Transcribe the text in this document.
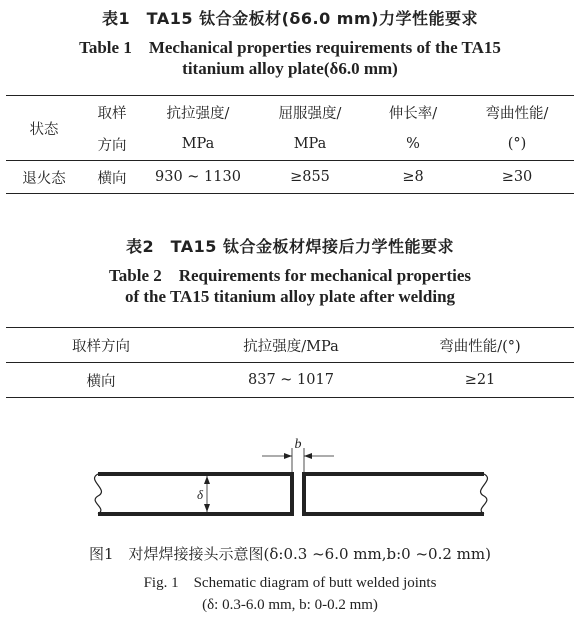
表1　TA15 钛合金板材(δ6.0 mm)力学性能要求
Table 1　Mechanical properties requirements of the TA15
titanium alloy plate(δ6.0 mm)
状态	取样	抗拉强度/	屈服强度/	伸长率/	弯曲性能/
	方向	MPa	MPa	%	(°)
退火态	横向	930 ~ 1130	≥855	≥8	≥30
表2　TA15 钛合金板材焊接后力学性能要求
Table 2　Requirements for mechanical properties
of the TA15 titanium alloy plate after welding
取样方向	抗拉强度/MPa	弯曲性能/(°)
横向	837 ~ 1017	≥21
b
δ
图1　对焊焊接接头示意图(δ:0.3 ~6.0 mm,b:0 ~0.2 mm)
Fig. 1　Schematic diagram of butt welded joints
(δ: 0.3-6.0 mm, b: 0-0.2 mm)
